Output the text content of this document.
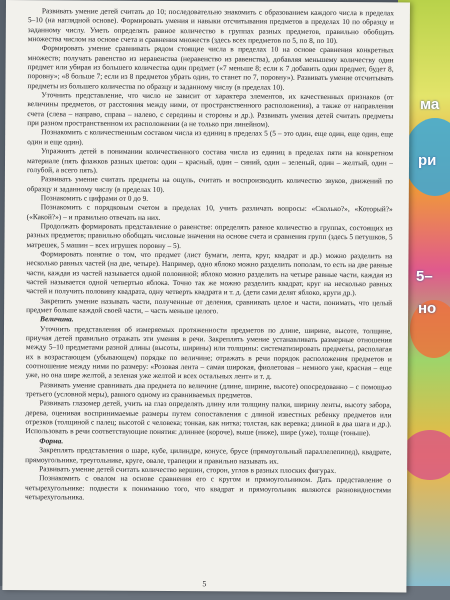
ма
ри
5–
но

Развивать умение детей считать до 10; последовательно знакомить с образованием каждого числа в пределах 5–10 (на наглядной основе). Формировать умения и навыки отсчитывания предметов в пределах 10 по образцу и заданному числу. Уметь определять равное количество в группах разных предметов, правильно обобщать множества числом на основе счета и сравнения множеств (здесь всех предметов по 5, по 8, по 10).

Формировать умение сравнивать рядом стоящие числа в пределах 10 на основе сравнения конкретных множеств; получать равенство из неравенства (неравенство из равенства), добавляя меньшему количеству один предмет или убирая из большего количества один предмет («7 меньше 8; если к 7 добавить один предмет, будет 8, поровну»; «8 больше 7; если из 8 предметов убрать один, то станет по 7, поровну»). Развивать умение отсчитывать предметы из большего количества по образцу и заданному числу (в пределах 10).

Уточнить представление, что число не зависит от характера элементов, их качественных признаков (от величины предметов, от расстояния между ними, от пространственного расположения), а также от направления счета (слева – направо, справа – налево, с середины и стороны и др.). Развивать умения детей считать предметы при разном пространственном их расположении (а не только при линейном).

Познакомить с количественным составом числа из единиц в пределах 5 (5 – это один, еще один, еще один, еще один и еще один).

Упражнять детей в понимании количественного состава числа из единиц в пределах пяти на конкретном материале (пять флажков разных цветов: один – красный, один – синий, один – зеленый, один – желтый, один – голубой, а всего пять).

Развивать умение считать предметы на ощупь, считать и воспроизводить количество звуков, движений по образцу и заданному числу (в пределах 10).

Познакомить с цифрами от 0 до 9.

Познакомить с порядковым счетом в пределах 10, учить различать вопросы: «Сколько?», «Который?» («Какой?») – и правильно отвечать на них.

Продолжать формировать представление о равенстве: определять равное количество в группах, состоящих из разных предметов; правильно обобщать числовые значения на основе счета и сравнения групп (здесь 5 петушков, 5 матрешек, 5 машин – всех игрушек поровну – 5).

Формировать понятие о том, что предмет (лист бумаги, лента, круг, квадрат и др.) можно разделить на несколько равных частей (на две, четыре). Например, одно яблоко можно разделить пополам, то есть на две равные части, каждая из частей называется одной половиной; яблоко можно разделить на четыре равные части, каждая из частей называется одной четвертью яблока. Точно так же можно разделить квадрат, круг на несколько равных частей и получить половину квадрата, одну четверть квадрата и т. д. (дети сами делят яблоко, круги др.).

Закрепить умение называть части, полученные от деления, сравнивать целое и части, понимать, что целый предмет больше каждой своей части, – часть меньше целого.

Величина.

Уточнить представления об измеряемых протяженности предметов по длине, ширине, высоте, толщине, приучая детей правильно отражать эти умения в речи. Закреплять умение устанавливать размерные отношения между 5–10 предметами разной длины (высоты, ширины) или толщины: систематизировать предметы, располагая их в возрастающем (убывающем) порядке по величине; отражать в речи порядок расположения предметов и соотношение между ними по размеру: «Розовая лента – самая широкая, фиолетовая – немного уже, красная – еще уже, но она шире желтой, а зеленая уже желтой и всех остальных лент» и т. д.

Развивать умение сравнивать два предмета по величине (длине, ширине, высоте) опосредованно – с помощью третьего (условной меры), равного одному из сравниваемых предметов.

Развивать глазомер детей, учить на глаз определять длину или толщину палки, ширину ленты, высоту забора, дерева, оценивая воспринимаемые размеры путем сопоставления с длиной известных ребенку предметов или отрезков (толщиной с палец; высотой с человека; тонкая, как нитка; толстая, как веревка; длиной в два шага и др.). Использовать в речи соответствующие понятия: длиннее (короче), выше (ниже), шире (уже), толще (тоньше).

Форма.

Закреплять представления о шаре, кубе, цилиндре, конусе, брусе (прямоугольный параллелепипед), квадрате, прямоугольнике, треугольнике, круге, овале, трапеции и правильно называть их.

Развивать умение детей считать количество вершин, сторон, углов в разных плоских фигурах.

Познакомить с овалом на основе сравнения его с кругом и прямоугольником. Дать представление о четырехугольнике: подвести к пониманию того, что квадрат и прямоугольник являются разновидностями четырехугольника.

5
